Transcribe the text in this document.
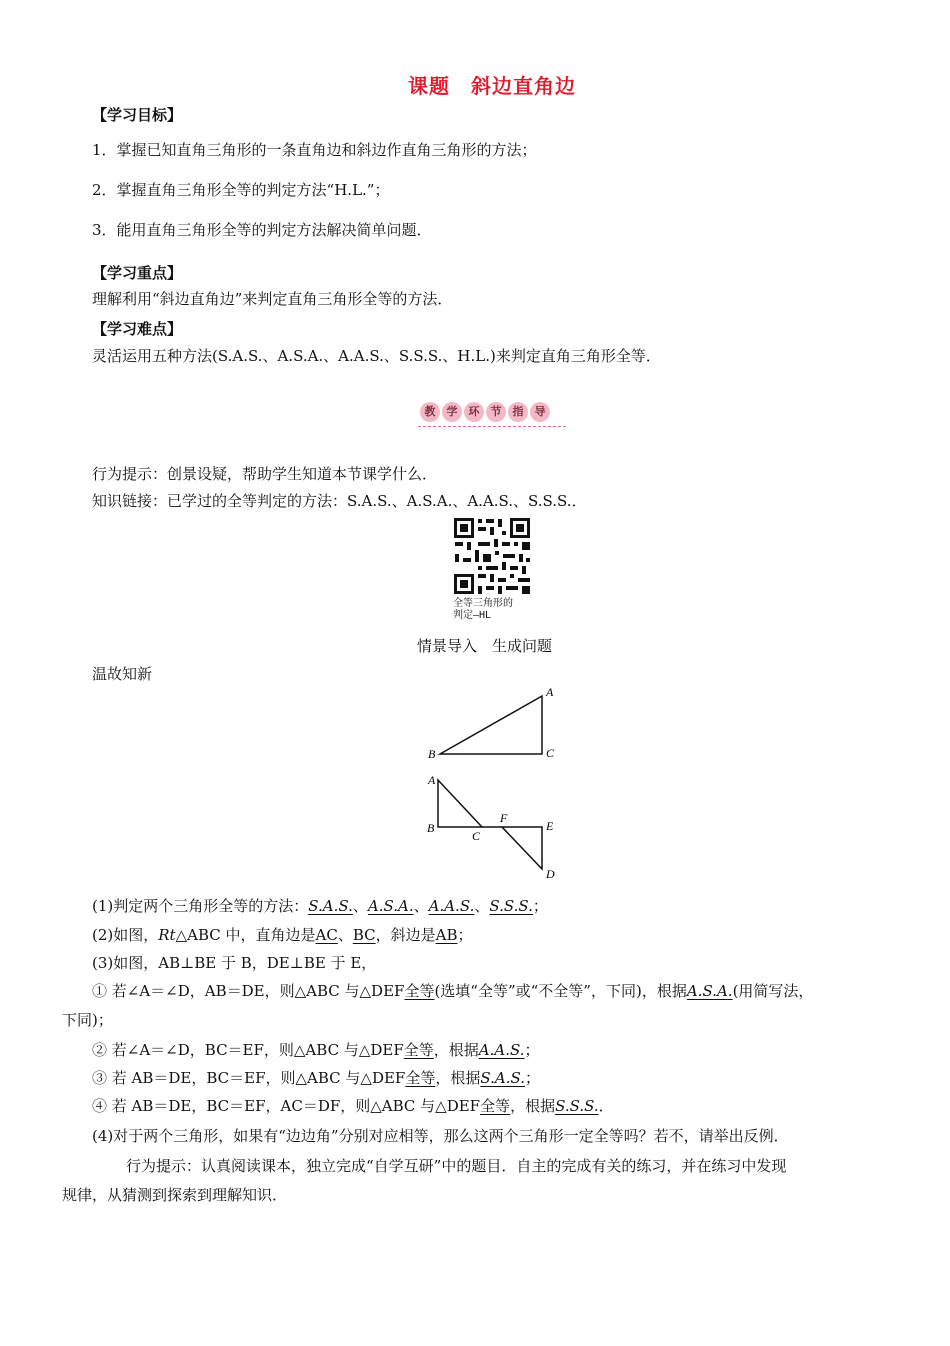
课题　斜边直角边
【学习目标】
1．掌握已知直角三角形的一条直角边和斜边作直角三角形的方法；
2．掌握直角三角形全等的判定方法“H.L.”；
3．能用直角三角形全等的判定方法解决简单问题．
【学习重点】
理解利用“斜边直角边”来判定直角三角形全等的方法．
【学习难点】
灵活运用五种方法(S.A.S.、A.S.A.、A.A.S.、S.S.S.、H.L.)来判定直角三角形全等．
教 学 环 节 指 导
行为提示：创景设疑，帮助学生知道本节课学什么．
知识链接：已学过的全等判定的方法：S.A.S.、A.S.A.、A.A.S.、S.S.S.．
全等三角形的
判定—HL
情景导入　生成问题
温故知新
A
B	C
A
B
C
F
E
D
(1)判定两个三角形全等的方法：S.A.S.、A.S.A.、A.A.S.、S.S.S.；
(2)如图，Rt△ABC 中，直角边是AC、BC，斜边是AB；
(3)如图，AB⊥BE 于 B，DE⊥BE 于 E，
① 若∠A＝∠D，AB＝DE，则△ABC 与△DEF全等(选填“全等”或“不全等”，下同)，根据A.S.A.(用简写法，
下同)；
② 若∠A＝∠D，BC＝EF，则△ABC 与△DEF全等，根据A.A.S.；
③ 若 AB＝DE，BC＝EF，则△ABC 与△DEF全等，根据S.A.S.；
④ 若 AB＝DE，BC＝EF，AC＝DF，则△ABC 与△DEF全等，根据S.S.S.．
(4)对于两个三角形，如果有“边边角”分别对应相等，那么这两个三角形一定全等吗？若不，请举出反例．
行为提示：认真阅读课本，独立完成“自学互研”中的题目．自主的完成有关的练习，并在练习中发现
规律，从猜测到探索到理解知识．
